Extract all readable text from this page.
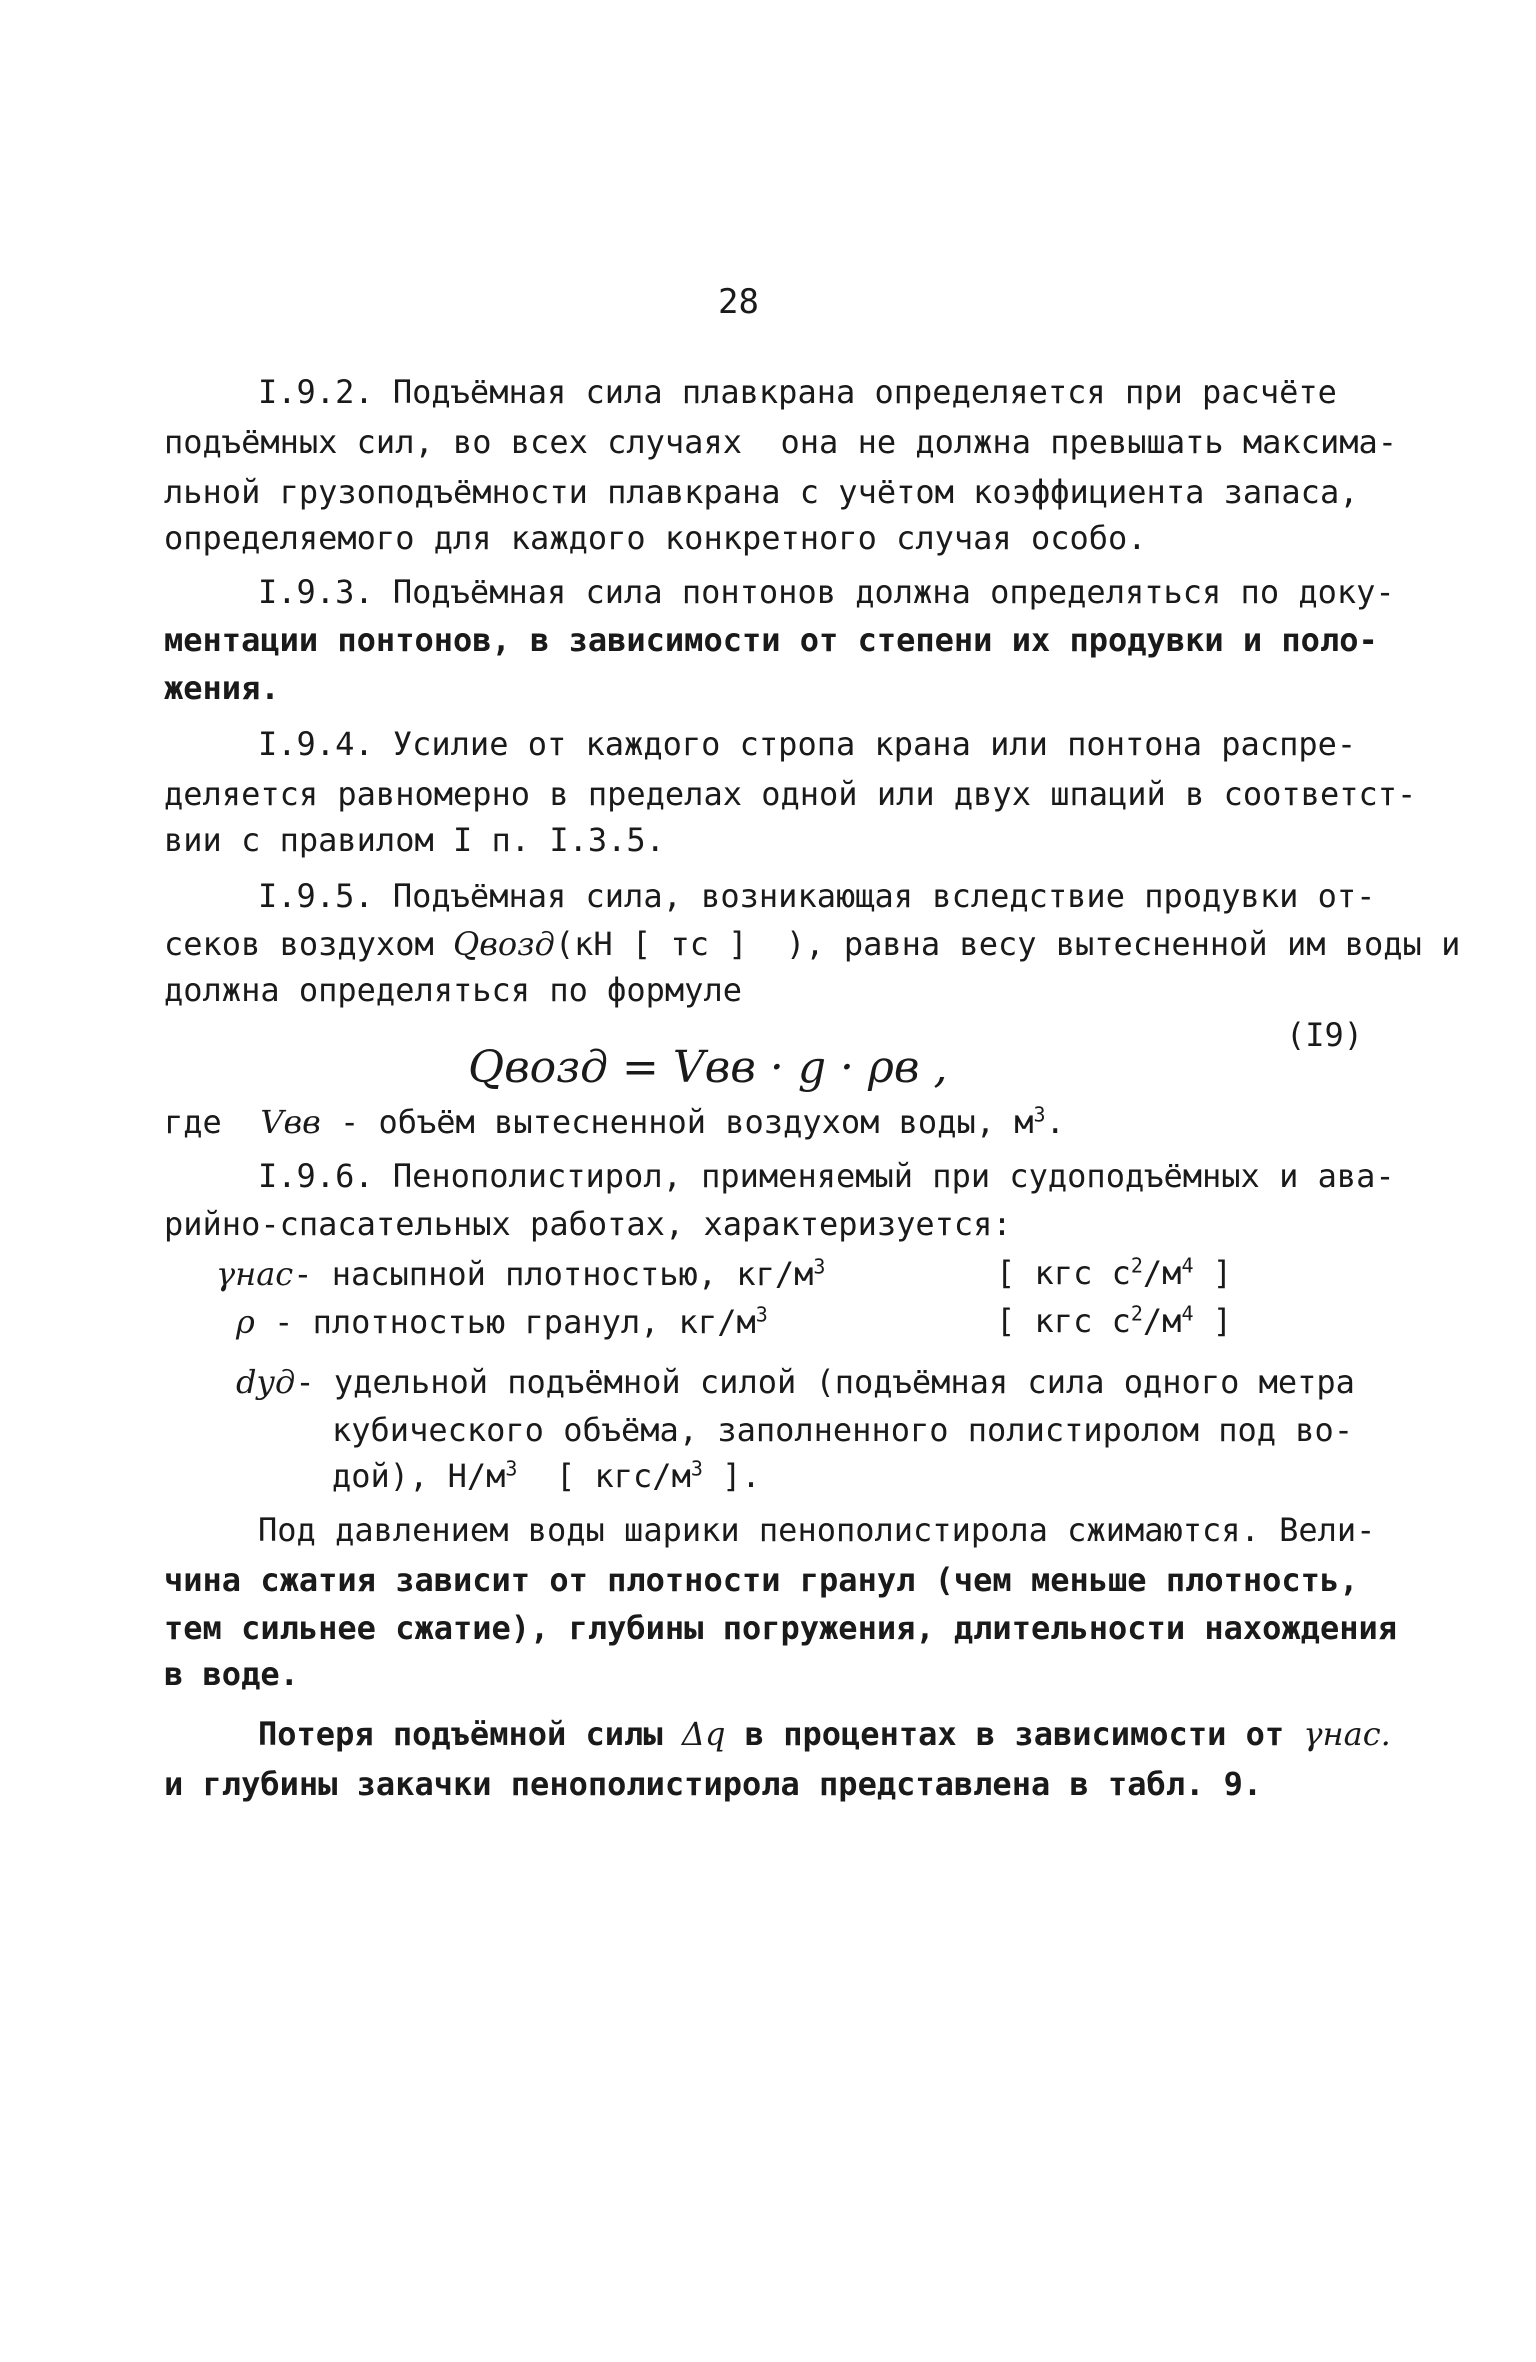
28
I.9.2. Подъёмная сила плавкрана определяется при расчёте
подъёмных сил, во всех случаях  она не должна превышать максима-
льной грузоподъёмности плавкрана с учётом коэффициента запаса,
определяемого для каждого конкретного случая особо.
I.9.3. Подъёмная сила понтонов должна определяться по доку-
ментации понтонов, в зависимости от степени их продувки и поло-
жения.
I.9.4. Усилие от каждого стропа крана или понтона распре-
деляется равномерно в пределах одной или двух шпаций в соответст-
вии с правилом I п. I.3.5.
I.9.5. Подъёмная сила, возникающая вследствие продувки от-
секов воздухом Qвозд(кН [ тс ]  ), равна весу вытесненной им воды и
должна определяться по формуле
Qвозд = Vвв · g · ρв ,
(I9)
где  Vвв - объём вытесненной воздухом воды, $м^3$.
I.9.6. Пенополистирол, применяемый при судоподъёмных и ава-
рийно-спасательных работах, характеризуется:
γнас- насыпной плотностью, $кг/м^3$	[ кгс $с^2/м^4$ ]
ρ - плотностью гранул, $кг/м^3$	[ кгс $с^2/м^4$ ]
dуд- удельной подъёмной силой (подъёмная сила одного метра
кубического объёма, заполненного полистиролом под во-
дой), $Н/м^3$  [ кгс/$м^3$ ].
Под давлением воды шарики пенополистирола сжимаются. Вели-
чина сжатия зависит от плотности гранул (чем меньше плотность,
тем сильнее сжатие), глубины погружения, длительности нахождения
в воде.
Потеря подъёмной силы Δq в процентах в зависимости от γнас.
и глубины закачки пенополистирола представлена в табл. 9.
